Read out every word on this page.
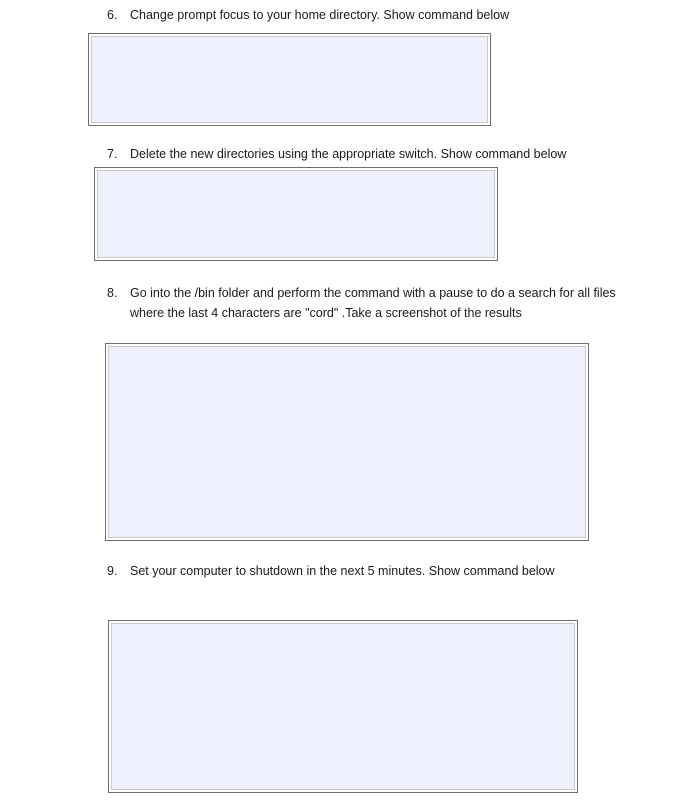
6.	Change prompt focus to your home directory. Show command below

7.	Delete the new directories using the appropriate switch. Show command below

8.	Go into the /bin folder and perform the command with a pause to do a search for all files where the last 4 characters are "cord" .Take a screenshot of the results

9.	Set your computer to shutdown in the next 5 minutes. Show command below
